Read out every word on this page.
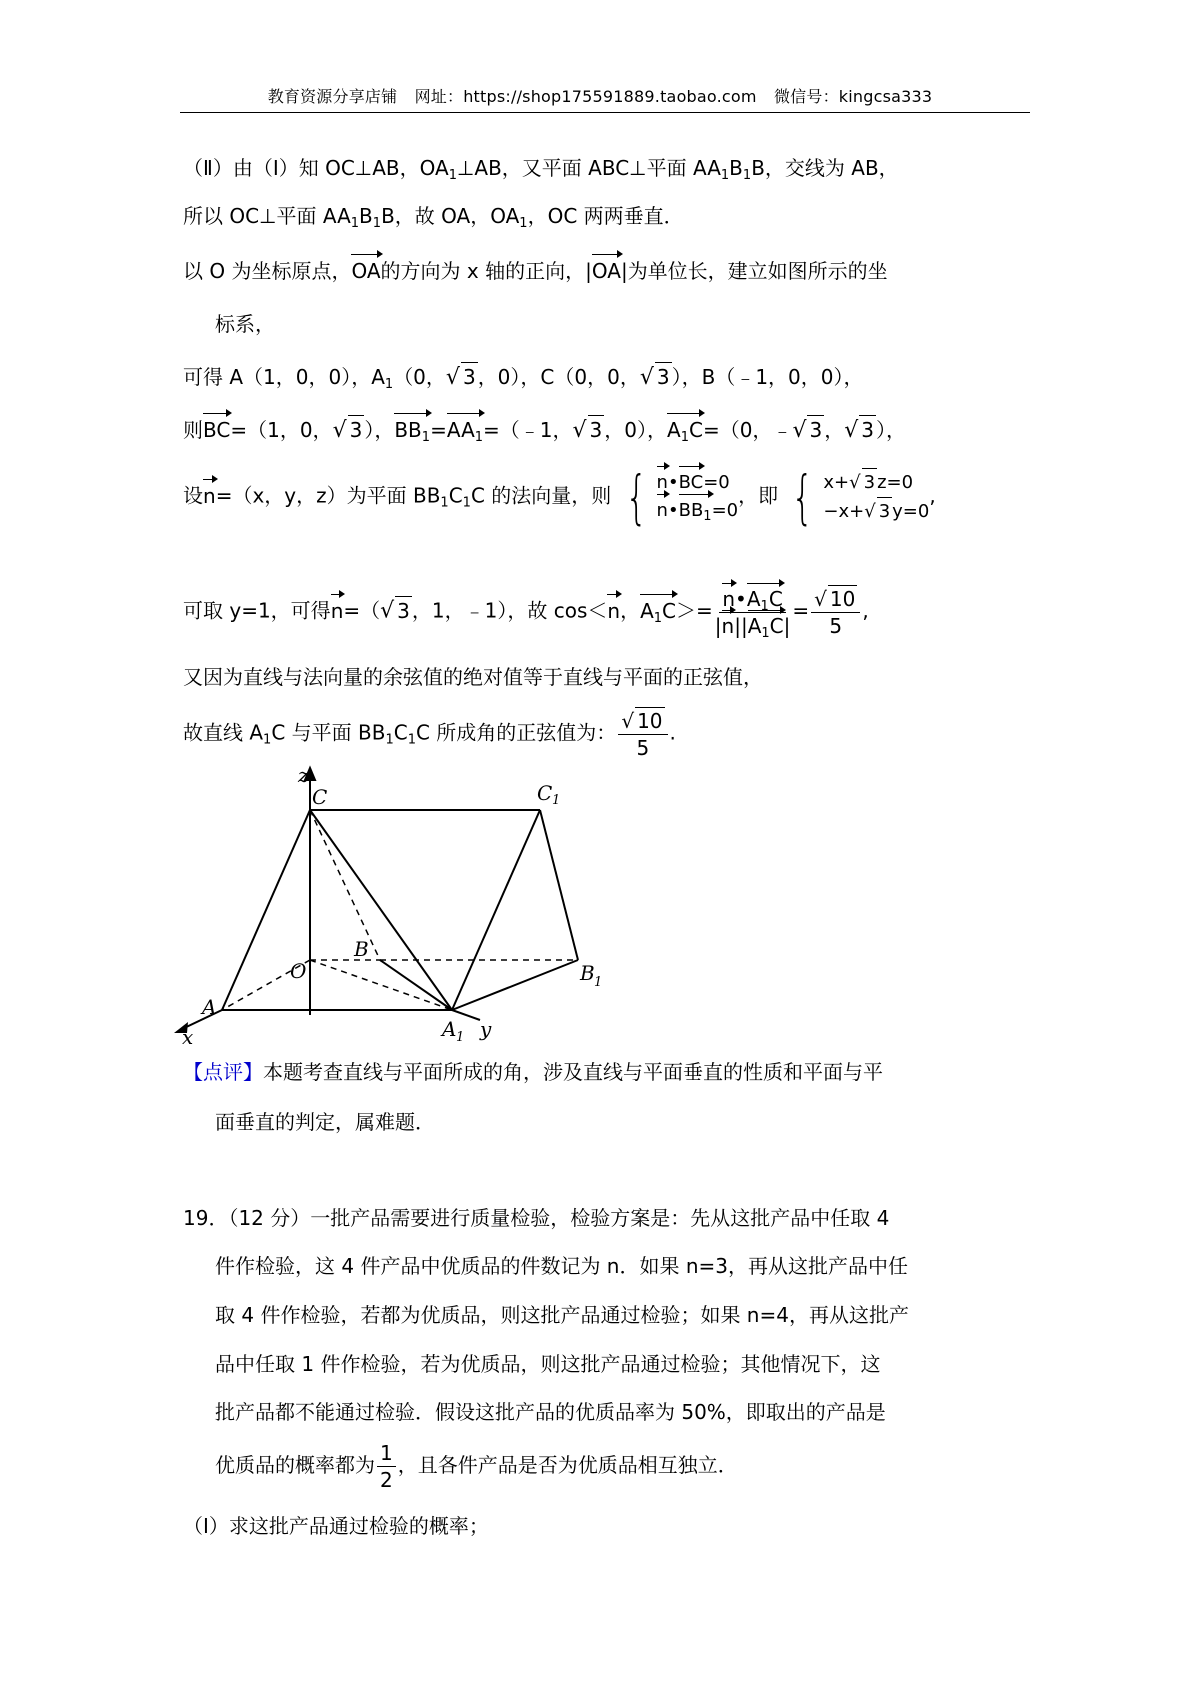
教育资源分享店铺 网址：https://shop175591889.taobao.com 微信号：kingcsa333
（Ⅱ）由（Ⅰ）知 OC⊥AB，$OA_1\perp AB$，又平面 ABC⊥平面 $AA_1B_1B$，交线为 AB，
所以 OC⊥平面 $AA_1B_1B$，故 OA，$OA_1$，OC 两两垂直．
以 O 为坐标原点，OA的方向为 x 轴的正向，|OA|为单位长，建立如图所示的坐
标系，
可得 A（1，0，0），$A_1(0$，√ 3 ，0），C（0，0，√ 3 ），B（﹣1，0，0），
则BC=（1，0，√ 3 ），$BB_1=AA_1=(﹣1$，√ 3 ，0），$A_1C=(0$，﹣√ 3 ，√ 3 ），
设n=（x，y，z）为平面 $BB_1C_1C$ 的法向量，则 { n•BC=0
$n•BB_1=0$
，即 { x+√ 3 z=0
−x+√ 3 y=0
,
可取 y=1，可得n=（√ 3 ，1，﹣1），故 cos＜n，$A_1C>= \frac{n•A_1C}{|n||A_1C|} = \frac{√ 10}{5}$ ,
又因为直线与法向量的余弦值的绝对值等于直线与平面的正弦值，
故直线 $A_1C$ 与平面 $BB_1C_1C$ 所成角的正弦值为： $\frac{√ 10}{5}$ .
z
C	C 1
O
B
B 1
A
A 1
x	y
【点评】本题考查直线与平面所成的角，涉及直线与平面垂直的性质和平面与平
面垂直的判定，属难题．
19．（12 分）一批产品需要进行质量检验，检验方案是：先从这批产品中任取 4
件作检验，这 4 件产品中优质品的件数记为 n．如果 n=3，再从这批产品中任
取 4 件作检验，若都为优质品，则这批产品通过检验；如果 n=4，再从这批产
品中任取 1 件作检验，若为优质品，则这批产品通过检验；其他情况下，这
批产品都不能通过检验．假设这批产品的优质品率为 50%，即取出的产品是
优质品的概率都为 $\frac{1}{2}$ ，且各件产品是否为优质品相互独立．
（Ⅰ）求这批产品通过检验的概率；
